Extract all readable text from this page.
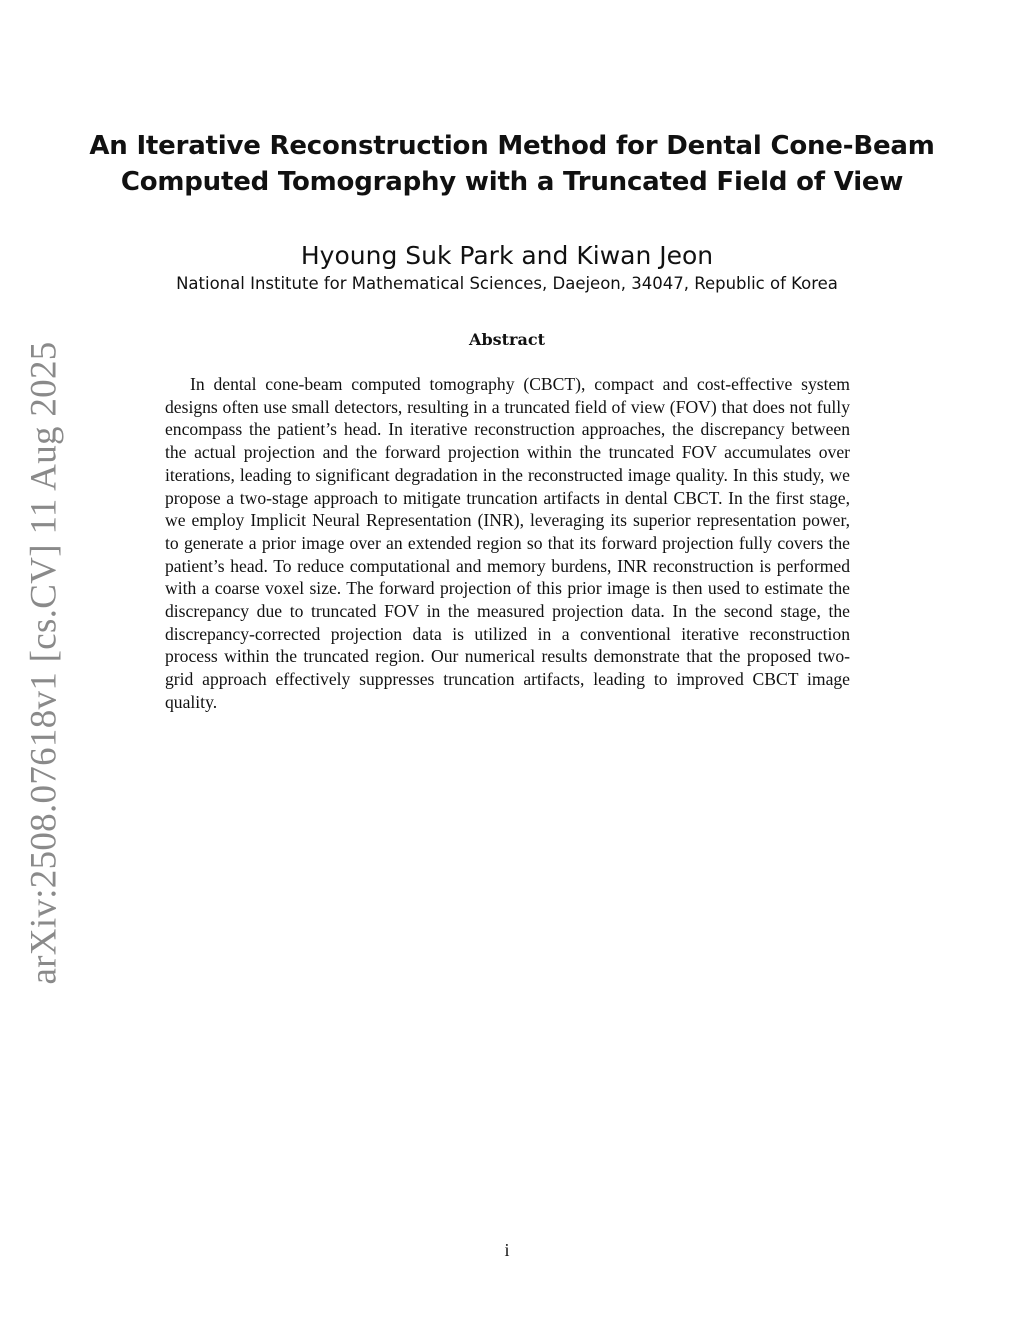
An Iterative Reconstruction Method for Dental Cone-Beam
Computed Tomography with a Truncated Field of View
Hyoung Suk Park and Kiwan Jeon
National Institute for Mathematical Sciences, Daejeon, 34047, Republic of Korea
Abstract
In dental cone-beam computed tomography (CBCT), compact and cost-effective system designs often use small detectors, resulting in a truncated field of view (FOV) that does not fully encompass the patient’s head. In iterative reconstruction approaches, the discrepancy between the actual projection and the forward projection within the truncated FOV accumulates over iterations, leading to significant degradation in the reconstructed image quality. In this study, we propose a two-stage approach to mitigate truncation artifacts in dental CBCT. In the first stage, we employ Implicit Neural Representation (INR), leveraging its superior representation power, to generate a prior image over an extended region so that its forward projection fully covers the patient’s head. To reduce computational and memory burdens, INR reconstruction is performed with a coarse voxel size. The forward projection of this prior image is then used to estimate the discrepancy due to truncated FOV in the measured projection data. In the second stage, the discrepancy-corrected projection data is utilized in a conventional iterative reconstruction process within the truncated region. Our numerical results demonstrate that the proposed two-grid approach effectively suppresses truncation artifacts, leading to improved CBCT image quality.
arXiv:2508.07618v1 [cs.CV] 11 Aug 2025
i
